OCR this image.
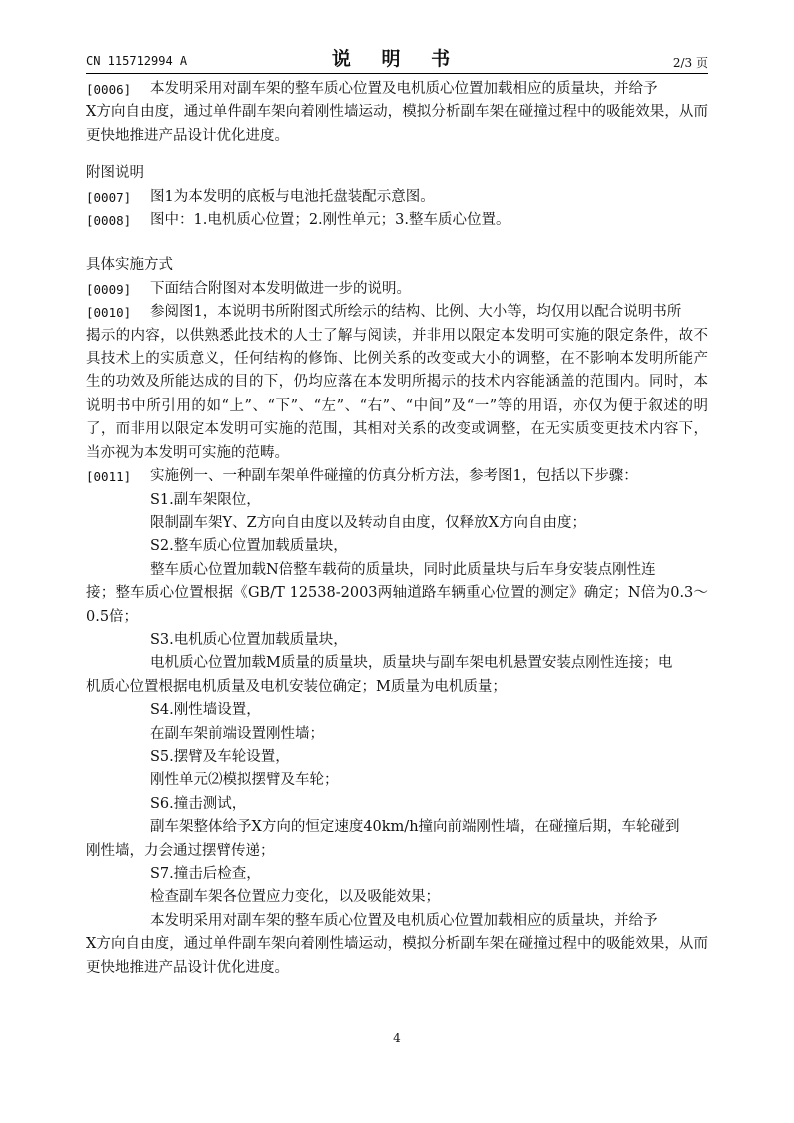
CN 115712994 A	说 明 书	2/3 页
[0006] 本发明采用对副车架的整车质心位置及电机质心位置加载相应的质量块，并给予
X方向自由度，通过单件副车架向着刚性墙运动，模拟分析副车架在碰撞过程中的吸能效果，从而更快地推进产品设计优化进度。
附图说明
[0007] 图1为本发明的底板与电池托盘装配示意图。
[0008] 图中：1.电机质心位置；2.刚性单元；3.整车质心位置。
具体实施方式
[0009] 下面结合附图对本发明做进一步的说明。
[0010] 参阅图1，本说明书所附图式所绘示的结构、比例、大小等，均仅用以配合说明书所
揭示的内容，以供熟悉此技术的人士了解与阅读，并非用以限定本发明可实施的限定条件，故不具技术上的实质意义，任何结构的修饰、比例关系的改变或大小的调整，在不影响本发明所能产生的功效及所能达成的目的下，仍均应落在本发明所揭示的技术内容能涵盖的范围内。同时，本说明书中所引用的如“上”、“下”、“左”、“右”、“中间”及“一”等的用语，亦仅为便于叙述的明了，而非用以限定本发明可实施的范围，其相对关系的改变或调整，在无实质变更技术内容下，当亦视为本发明可实施的范畴。
[0011] 实施例一、一种副车架单件碰撞的仿真分析方法，参考图1，包括以下步骤：
S1.副车架限位，
限制副车架Y、Z方向自由度以及转动自由度，仅释放X方向自由度；
S2.整车质心位置加载质量块，
整车质心位置加载N倍整车载荷的质量块，同时此质量块与后车身安装点刚性连
接；整车质心位置根据《GB/T 12538-2003两轴道路车辆重心位置的测定》确定；N倍为0.3～0.5倍；
S3.电机质心位置加载质量块，
电机质心位置加载M质量的质量块，质量块与副车架电机悬置安装点刚性连接；电
机质心位置根据电机质量及电机安装位确定；M质量为电机质量；
S4.刚性墙设置，
在副车架前端设置刚性墙；
S5.摆臂及车轮设置，
刚性单元⑵模拟摆臂及车轮；
S6.撞击测试，
副车架整体给予X方向的恒定速度40km/h撞向前端刚性墙，在碰撞后期，车轮碰到
刚性墙，力会通过摆臂传递；
S7.撞击后检查，
检查副车架各位置应力变化，以及吸能效果；
本发明采用对副车架的整车质心位置及电机质心位置加载相应的质量块，并给予
X方向自由度，通过单件副车架向着刚性墙运动，模拟分析副车架在碰撞过程中的吸能效果，从而更快地推进产品设计优化进度。
4
